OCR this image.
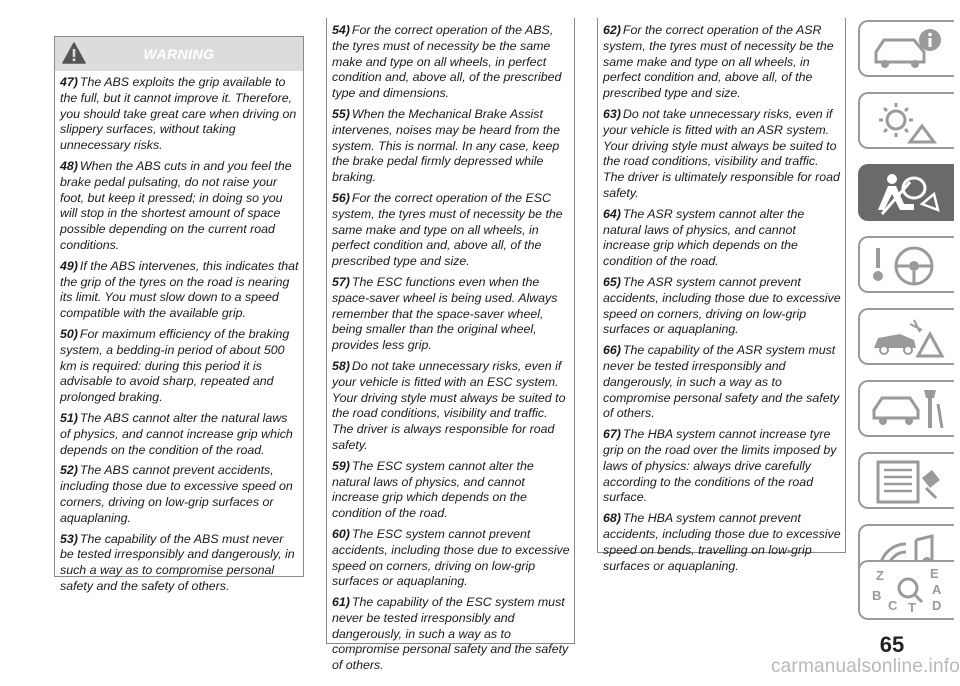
WARNING

47) The ABS exploits the grip available to the full, but it cannot improve it. Therefore, you should take great care when driving on slippery surfaces, without taking unnecessary risks.

48) When the ABS cuts in and you feel the brake pedal pulsating, do not raise your foot, but keep it pressed; in doing so you will stop in the shortest amount of space possible depending on the current road conditions.

49) If the ABS intervenes, this indicates that the grip of the tyres on the road is nearing its limit. You must slow down to a speed compatible with the available grip.

50) For maximum efficiency of the braking system, a bedding-in period of about 500 km is required: during this period it is advisable to avoid sharp, repeated and prolonged braking.

51) The ABS cannot alter the natural laws of physics, and cannot increase grip which depends on the condition of the road.

52) The ABS cannot prevent accidents, including those due to excessive speed on corners, driving on low-grip surfaces or aquaplaning.

53) The capability of the ABS must never be tested irresponsibly and dangerously, in such a way as to compromise personal safety and the safety of others.

54) For the correct operation of the ABS, the tyres must of necessity be the same make and type on all wheels, in perfect condition and, above all, of the prescribed type and dimensions.

55) When the Mechanical Brake Assist intervenes, noises may be heard from the system. This is normal. In any case, keep the brake pedal firmly depressed while braking.

56) For the correct operation of the ESC system, the tyres must of necessity be the same make and type on all wheels, in perfect condition and, above all, of the prescribed type and size.

57) The ESC functions even when the space-saver wheel is being used. Always remember that the space-saver wheel, being smaller than the original wheel, provides less grip.

58) Do not take unnecessary risks, even if your vehicle is fitted with an ESC system. Your driving style must always be suited to the road conditions, visibility and traffic. The driver is always responsible for road safety.

59) The ESC system cannot alter the natural laws of physics, and cannot increase grip which depends on the condition of the road.

60) The ESC system cannot prevent accidents, including those due to excessive speed on corners, driving on low-grip surfaces or aquaplaning.

61) The capability of the ESC system must never be tested irresponsibly and dangerously, in such a way as to compromise personal safety and the safety of others.

62) For the correct operation of the ASR system, the tyres must of necessity be the same make and type on all wheels, in perfect condition and, above all, of the prescribed type and size.

63) Do not take unnecessary risks, even if your vehicle is fitted with an ASR system. Your driving style must always be suited to the road conditions, visibility and traffic. The driver is ultimately responsible for road safety.

64) The ASR system cannot alter the natural laws of physics, and cannot increase grip which depends on the condition of the road.

65) The ASR system cannot prevent accidents, including those due to excessive speed on corners, driving on low-grip surfaces or aquaplaning.

66) The capability of the ASR system must never be tested irresponsibly and dangerously, in such a way as to compromise personal safety and the safety of others.

67) The HBA system cannot increase tyre grip on the road over the limits imposed by laws of physics: always drive carefully according to the conditions of the road surface.

68) The HBA system cannot prevent accidents, including those due to excessive speed on bends, travelling on low-grip surfaces or aquaplaning.

Z	E
A
B
C T D
65
carmanualsonline.info
